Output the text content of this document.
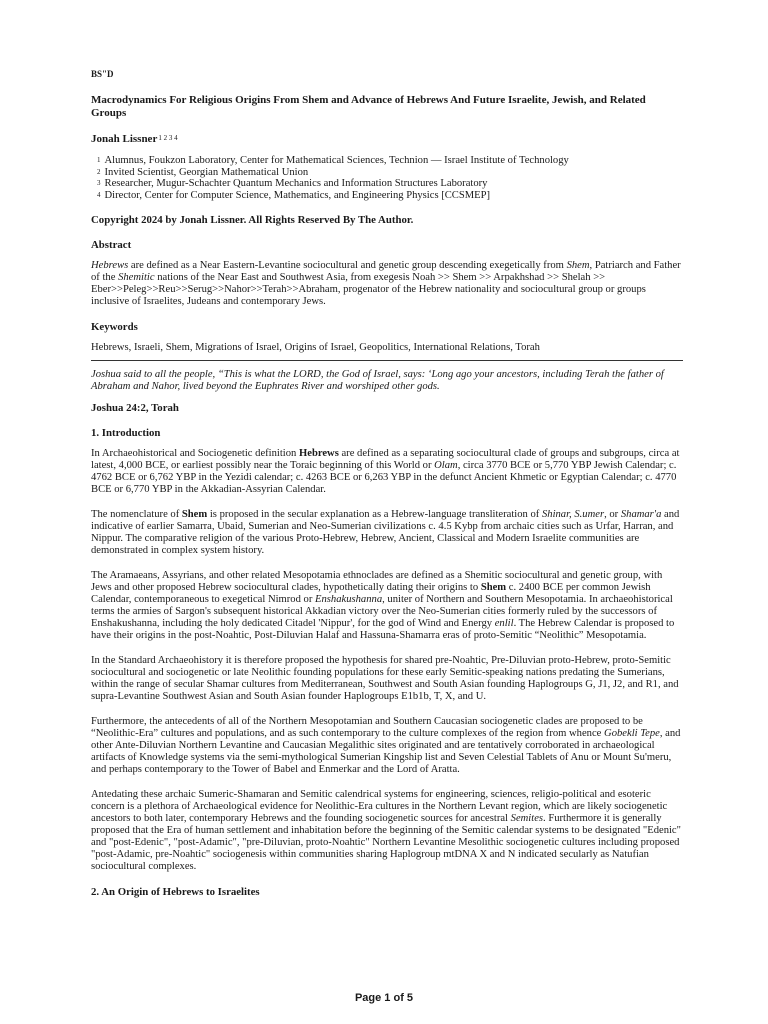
BS"D
Macrodynamics For Religious Origins From Shem and Advance of Hebrews And Future Israelite, Jewish, and Related Groups
Jonah Lissner$^{1 2 3 4}$
$^1$ Alumnus, Foukzon Laboratory, Center for Mathematical Sciences, Technion — Israel Institute of Technology
$^2$ Invited Scientist, Georgian Mathematical Union
$^3$ Researcher, Mugur-Schachter Quantum Mechanics and Information Structures Laboratory
$^4$ Director, Center for Computer Science, Mathematics, and Engineering Physics [CCSMEP]
Copyright 2024 by Jonah Lissner. All Rights Reserved By The Author.
Abstract

Hebrews are defined as a Near Eastern-Levantine sociocultural and genetic group descending exegetically from Shem, Patriarch and Father of the Shemitic nations of the Near East and Southwest Asia, from exegesis Noah >> Shem >> Arpakhshad >> Shelah >> Eber>>Peleg>>Reu>>Serug>>Nahor>>Terah>>Abraham, progenator of the Hebrew nationality and sociocultural group or groups inclusive of Israelites, Judeans and contemporary Jews.

Keywords

Hebrews, Israeli, Shem, Migrations of Israel, Origins of Israel, Geopolitics, International Relations, Torah

Joshua said to all the people, “This is what the LORD, the God of Israel, says: ‘Long ago your ancestors, including Terah the father of Abraham and Nahor, lived beyond the Euphrates River and worshiped other gods.

Joshua 24:2, Torah
1. Introduction

In Archaeohistorical and Sociogenetic definition Hebrews are defined as a separating sociocultural clade of groups and subgroups, circa at latest, 4,000 BCE, or earliest possibly near the Toraic beginning of this World or Olam, circa 3770 BCE or 5,770 YBP Jewish Calendar; c. 4762 BCE or 6,762 YBP in the Yezidi calendar; c. 4263 BCE or 6,263 YBP in the defunct Ancient Khmetic or Egyptian Calendar; c. 4770 BCE or 6,770 YBP in the Akkadian-Assyrian Calendar.

The nomenclature of Shem is proposed in the secular explanation as a Hebrew-language transliteration of Shinar, S.umer, or Shamar'a and indicative of earlier Samarra, Ubaid, Sumerian and Neo-Sumerian civilizations c. 4.5 Kybp from archaic cities such as Urfar, Harran, and Nippur. The comparative religion of the various Proto-Hebrew, Hebrew, Ancient, Classical and Modern Israelite communities are demonstrated in complex system history.

The Aramaeans, Assyrians, and other related Mesopotamia ethnoclades are defined as a Shemitic sociocultural and genetic group, with Jews and other proposed Hebrew sociocultural clades, hypothetically dating their origins to Shem c. 2400 BCE per common Jewish Calendar, contemporaneous to exegetical Nimrod or Enshakushanna, uniter of Northern and Southern Mesopotamia. In archaeohistorical terms the armies of Sargon's subsequent historical Akkadian victory over the Neo-Sumerian cities formerly ruled by the successors of Enshakushanna, including the holy dedicated Citadel 'Nippur', for the god of Wind and Energy enlil. The Hebrew Calendar is proposed to have their origins in the post-Noahtic, Post-Diluvian Halaf and Hassuna-Shamarra eras of proto-Semitic “Neolithic” Mesopotamia.

In the Standard Archaeohistory it is therefore proposed the hypothesis for shared pre-Noahtic, Pre-Diluvian proto-Hebrew, proto-Semitic sociocultural and sociogenetic or late Neolithic founding populations for these early Semitic-speaking nations predating the Sumerians, within the range of secular Shamar cultures from Mediterranean, Southwest and South Asian founding Haplogroups G, J1, J2, and R1, and supra-Levantine Southwest Asian and South Asian founder Haplogroups E1b1b, T, X, and U.

Furthermore, the antecedents of all of the Northern Mesopotamian and Southern Caucasian sociogenetic clades are proposed to be “Neolithic-Era” cultures and populations, and as such contemporary to the culture complexes of the region from whence Gobekli Tepe, and other Ante-Diluvian Northern Levantine and Caucasian Megalithic sites originated and are tentatively corroborated in archaeological artifacts of Knowledge systems via the semi-mythological Sumerian Kingship list and Seven Celestial Tablets of Anu or Mount Su'meru, and perhaps contemporary to the Tower of Babel and Enmerkar and the Lord of Aratta.

Antedating these archaic Sumeric-Shamaran and Semitic calendrical systems for engineering, sciences, religio-political and esoteric concern is a plethora of Archaeological evidence for Neolithic-Era cultures in the Northern Levant region, which are likely sociogenetic ancestors to both later, contemporary Hebrews and the founding sociogenetic sources for ancestral Semites. Furthermore it is generally proposed that the Era of human settlement and inhabitation before the beginning of the Semitic calendar systems to be designated "Edenic" and "post-Edenic", "post-Adamic", "pre-Diluvian, proto-Noahtic" Northern Levantine Mesolithic sociogenetic cultures including proposed "post-Adamic, pre-Noahtic" sociogenesis within communities sharing Haplogroup mtDNA X and N indicated secularly as Natufian sociocultural complexes.

2. An Origin of Hebrews to Israelites
Page 1 of 5
